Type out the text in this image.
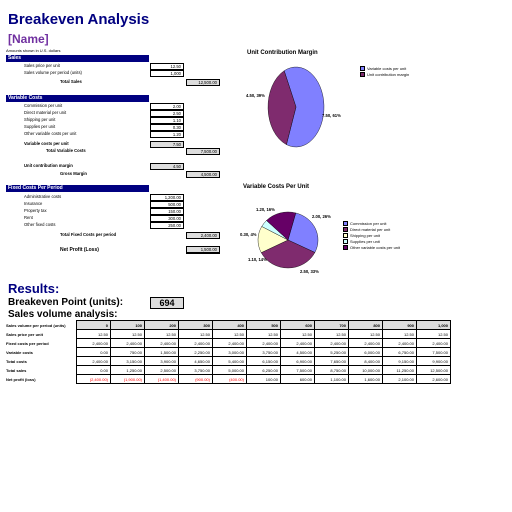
Breakeven Analysis
[Name]
Amounts shown in U.S. dollars
Sales
Sales price per unit	12.50
Sales volume per period (units)	1,000
Total Sales	12,500.00
Variable Costs
Commission per unit	2.00
Direct material per unit	2.50
Shipping per unit	1.10
Supplies per unit	0.30
Other variable costs per unit	1.20
Variable costs per unit	7.50
Total Variable Costs	7,500.00
Unit contribution margin	4.50
Gross Margin	4,500.00
Fixed Costs Per Period
Administrative costs	1,200.00
Insurance	500.00
Property tax	150.00
Rent	300.00
Other fixed costs	250.00
Total Fixed Costs per period	2,400.00
Net Profit (Loss)	1,500.00
Unit Contribution Margin
7.50, 61%
4.50, 39%
Variable costs per unit
Unit contribution margin
Variable Costs Per Unit
2.00, 26%
2.50, 33%
1.10, 14%
0.30, 4%
1.20, 16%
Commission per unit
Direct material per unit
Shipping per unit
Supplies per unit
Other variable costs per unit
Results:
Breakeven Point (units):	694
Sales volume analysis:
Sales volume per period (units)	0	100	200	300	400	500	600	700	800	900	1,000
Sales price per unit	12.50	12.50	12.50	12.50	12.50	12.50	12.50	12.50	12.50	12.50	12.50
Fixed costs per period	2,400.00	2,400.00	2,400.00	2,400.00	2,400.00	2,400.00	2,400.00	2,400.00	2,400.00	2,400.00	2,400.00
Variable costs	0.00	750.00	1,500.00	2,250.00	3,000.00	3,750.00	4,500.00	5,250.00	6,000.00	6,750.00	7,500.00
Total costs	2,400.00	3,150.00	3,900.00	4,650.00	5,400.00	6,150.00	6,900.00	7,650.00	8,400.00	9,150.00	9,900.00
Total sales	0.00	1,250.00	2,500.00	3,750.00	5,000.00	6,250.00	7,500.00	8,750.00	10,000.00	11,250.00	12,500.00
Net profit (loss)	(2,400.00)	(1,900.00)	(1,400.00)	(900.00)	(400.00)	100.00	600.00	1,100.00	1,600.00	2,100.00	2,600.00
